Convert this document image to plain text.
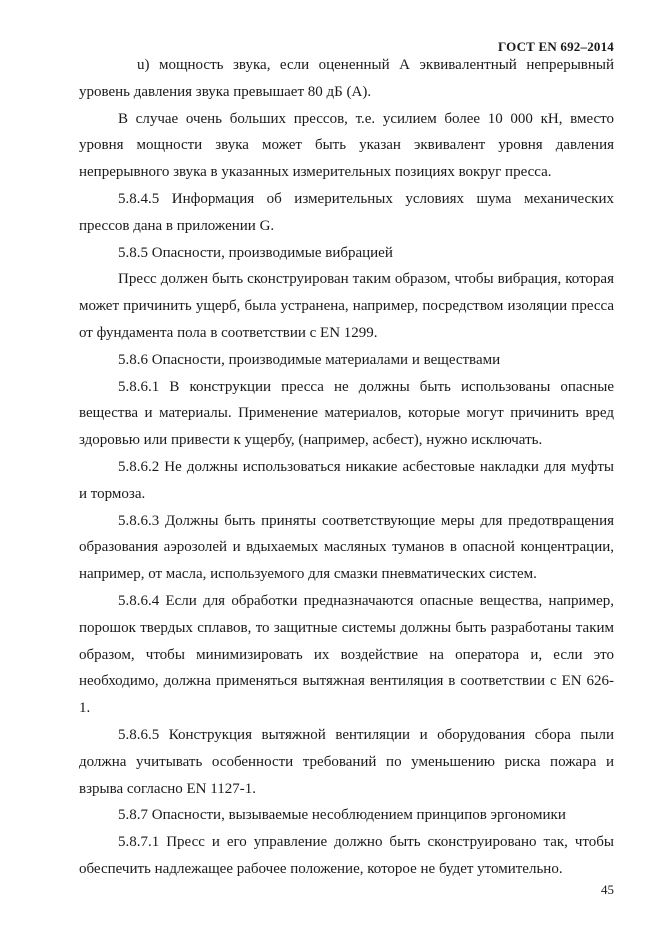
ГОСТ EN 692–2014

u) мощность звука, если оцененный А эквивалентный непрерывный уровень давления звука превышает 80 дБ (А).

В случае очень больших прессов, т.е. усилием более 10 000 кН, вместо уровня мощности звука может быть указан эквивалент уровня давления непрерывного звука в указанных измерительных позициях вокруг пресса.

5.8.4.5 Информация об измерительных условиях шума механических прессов дана в приложении G.

5.8.5 Опасности, производимые вибрацией

Пресс должен быть сконструирован таким образом, чтобы вибрация, которая может причинить ущерб, была устранена, например, посредством изоляции пресса от фундамента пола в соответствии с EN 1299.

5.8.6 Опасности, производимые материалами и веществами

5.8.6.1 В конструкции пресса не должны быть использованы опасные вещества и материалы. Применение материалов, которые могут причинить вред здоровью или привести к ущербу, (например, асбест), нужно исключать.

5.8.6.2 Не должны использоваться никакие асбестовые накладки для муфты и тормоза.

5.8.6.3 Должны быть приняты соответствующие меры для предотвращения образования аэрозолей и вдыхаемых масляных туманов в опасной концентрации, например, от масла, используемого для смазки пневматических систем.

5.8.6.4 Если для обработки предназначаются опасные вещества, например, порошок твердых сплавов, то защитные системы должны быть разработаны таким образом, чтобы минимизировать их воздействие на оператора и, если это необходимо, должна применяться вытяжная вентиляция в соответствии с EN 626-1.

5.8.6.5 Конструкция вытяжной вентиляции и оборудования сбора пыли должна учитывать особенности требований по уменьшению риска пожара и взрыва согласно EN 1127-1.

5.8.7 Опасности, вызываемые несоблюдением принципов эргономики

5.8.7.1 Пресс и его управление должно быть сконструировано так, чтобы обеспечить надлежащее рабочее положение, которое не будет утомительно.

45
